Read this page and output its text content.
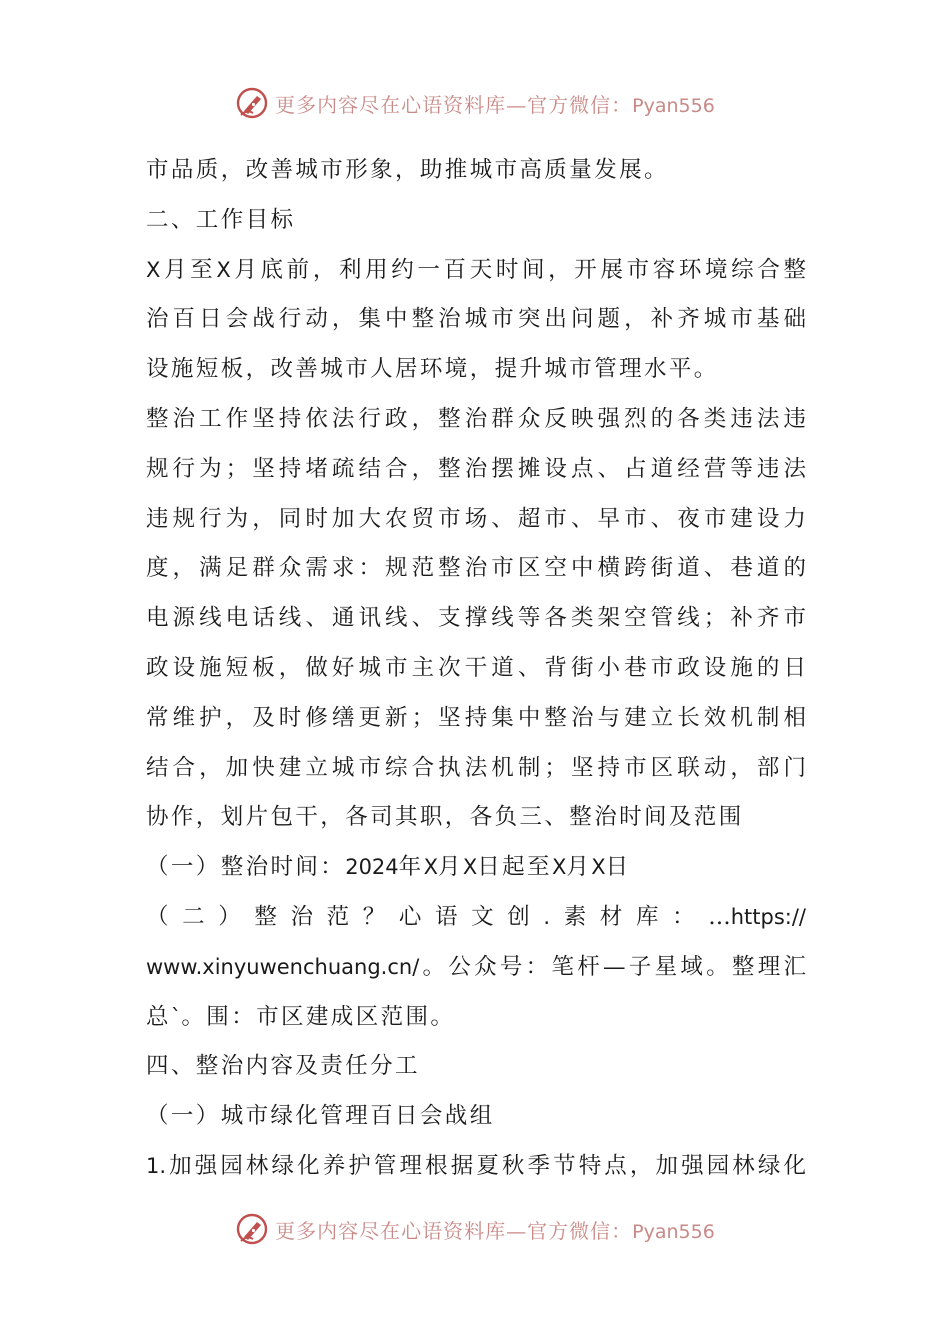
更多内容尽在心语资料库—官方微信：Pyan556
市品质，改善城市形象，助推城市高质量发展。
二、工作目标
X月至X月底前，利用约一百天时间，开展市容环境综合整
治百日会战行动，集中整治城市突出问题，补齐城市基础
设施短板，改善城市人居环境，提升城市管理水平。
整治工作坚持依法行政，整治群众反映强烈的各类违法违
规行为；坚持堵疏结合，整治摆摊设点、占道经营等违法
违规行为，同时加大农贸市场、超市、早市、夜市建设力
度，满足群众需求：规范整治市区空中横跨街道、巷道的
电源线电话线、通讯线、支撑线等各类架空管线；补齐市
政设施短板，做好城市主次干道、背街小巷市政设施的日
常维护，及时修缮更新；坚持集中整治与建立长效机制相
结合，加快建立城市综合执法机制；坚持市区联动，部门
协作，划片包干，各司其职，各负三、整治时间及范围
（一）整治时间：2024年X月X日起至X月X日
（二）整治范？心语文创.素材库：…https://
www.xinyuwenchuang.cn/。公众号：笔杆—子星域。整理汇
总`。围：市区建成区范围。
四、整治内容及责任分工
（一）城市绿化管理百日会战组
1.加强园林绿化养护管理根据夏秋季节特点，加强园林绿化
更多内容尽在心语资料库—官方微信：Pyan556
